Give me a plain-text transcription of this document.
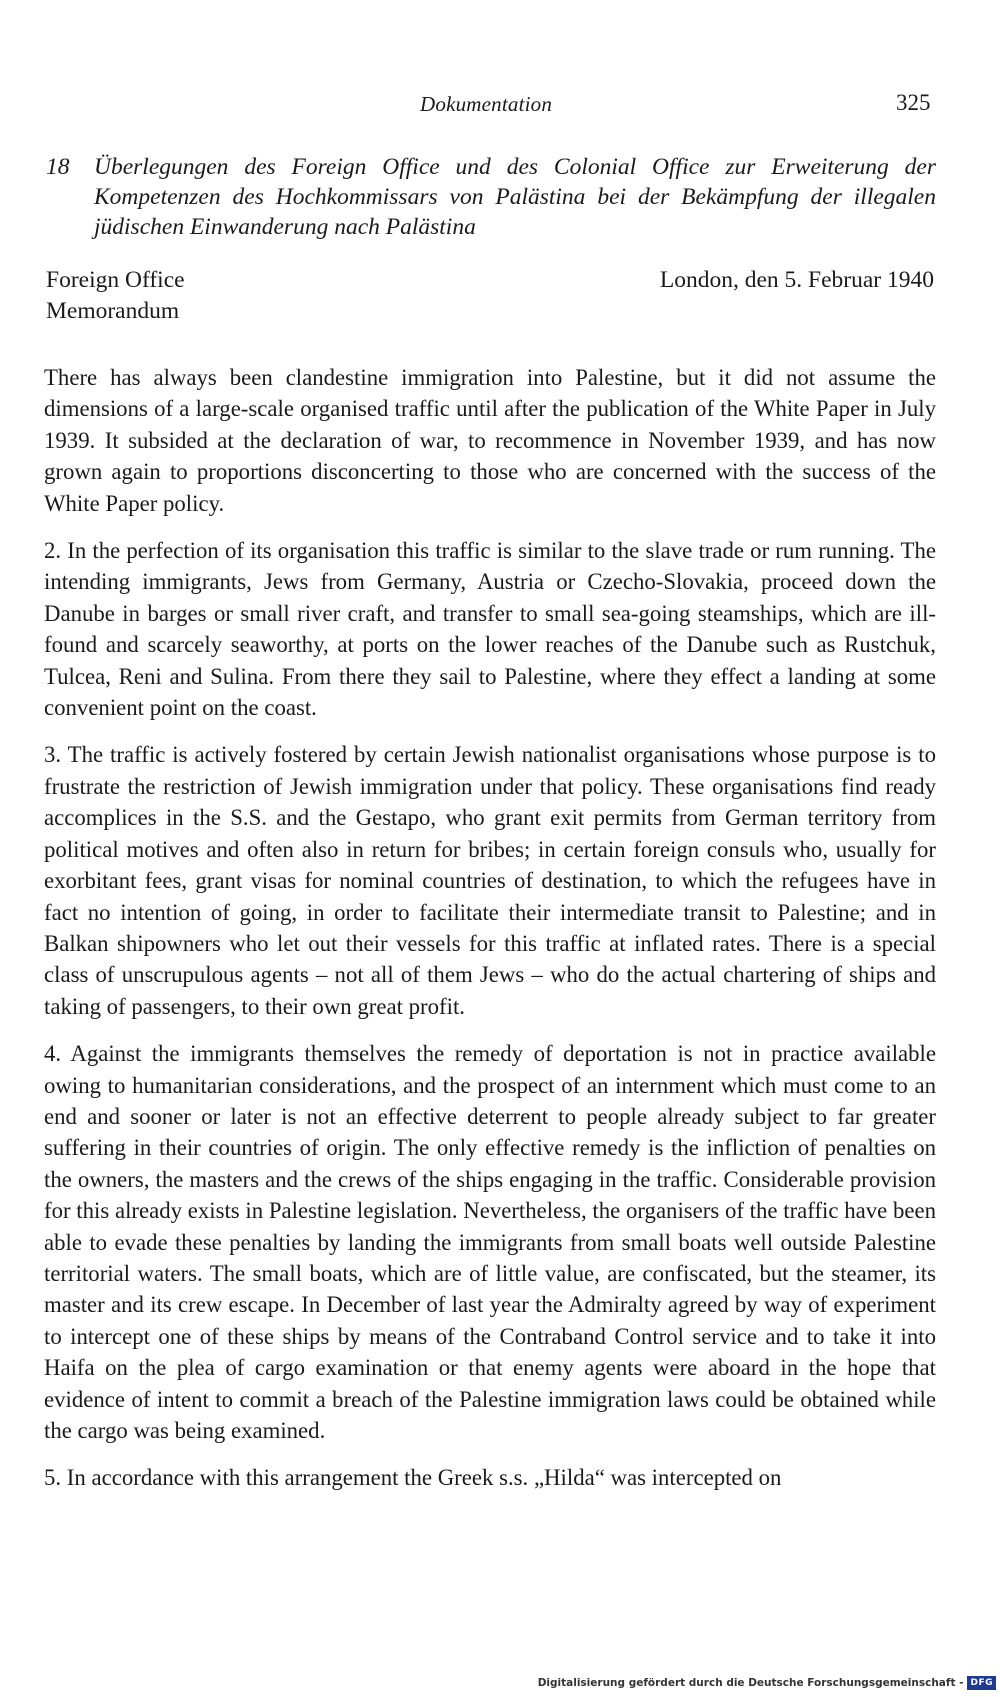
Dokumentation	325
18 Überlegungen des Foreign Office und des Colonial Office zur Erweiterung der Kompetenzen des Hochkommissars von Palästina bei der Bekämpfung der illegalen jüdischen Einwanderung nach Palästina
Foreign Office
Memorandum
London, den 5. Februar 1940

There has always been clandestine immigration into Palestine, but it did not assume the dimensions of a large-scale organised traffic until after the publication of the White Paper in July 1939. It subsided at the declaration of war, to recommence in November 1939, and has now grown again to proportions disconcerting to those who are concerned with the success of the White Paper policy.

2. In the perfection of its organisation this traffic is similar to the slave trade or rum running. The intending immigrants, Jews from Germany, Austria or Czecho-Slovakia, proceed down the Danube in barges or small river craft, and transfer to small sea-going steamships, which are ill-found and scarcely seaworthy, at ports on the lower reaches of the Danube such as Rustchuk, Tulcea, Reni and Sulina. From there they sail to Palestine, where they effect a landing at some convenient point on the coast.

3. The traffic is actively fostered by certain Jewish nationalist organisations whose purpose is to frustrate the restriction of Jewish immigration under that policy. These organisations find ready accomplices in the S.S. and the Gestapo, who grant exit permits from German territory from political motives and often also in return for bribes; in certain foreign consuls who, usually for exorbitant fees, grant visas for nominal countries of destination, to which the refugees have in fact no intention of going, in order to facilitate their intermediate transit to Palestine; and in Balkan shipowners who let out their vessels for this traffic at inflated rates. There is a special class of unscrupulous agents – not all of them Jews – who do the actual chartering of ships and taking of passengers, to their own great profit.

4. Against the immigrants themselves the remedy of deportation is not in practice available owing to humanitarian considerations, and the prospect of an internment which must come to an end and sooner or later is not an effective deterrent to people already subject to far greater suffering in their countries of origin. The only effective remedy is the infliction of penalties on the owners, the masters and the crews of the ships engaging in the traffic. Considerable provision for this already exists in Palestine legislation. Nevertheless, the organisers of the traffic have been able to evade these penalties by landing the immigrants from small boats well outside Palestine territorial waters. The small boats, which are of little value, are confiscated, but the steamer, its master and its crew escape. In December of last year the Admiralty agreed by way of experiment to intercept one of these ships by means of the Contraband Control service and to take it into Haifa on the plea of cargo examination or that enemy agents were aboard in the hope that evidence of intent to commit a breach of the Palestine immigration laws could be obtained while the cargo was being examined.

5. In accordance with this arrangement the Greek s.s. „Hilda“ was intercepted on

Digitalisierung gefördert durch die Deutsche Forschungsgemeinschaft - DFG
